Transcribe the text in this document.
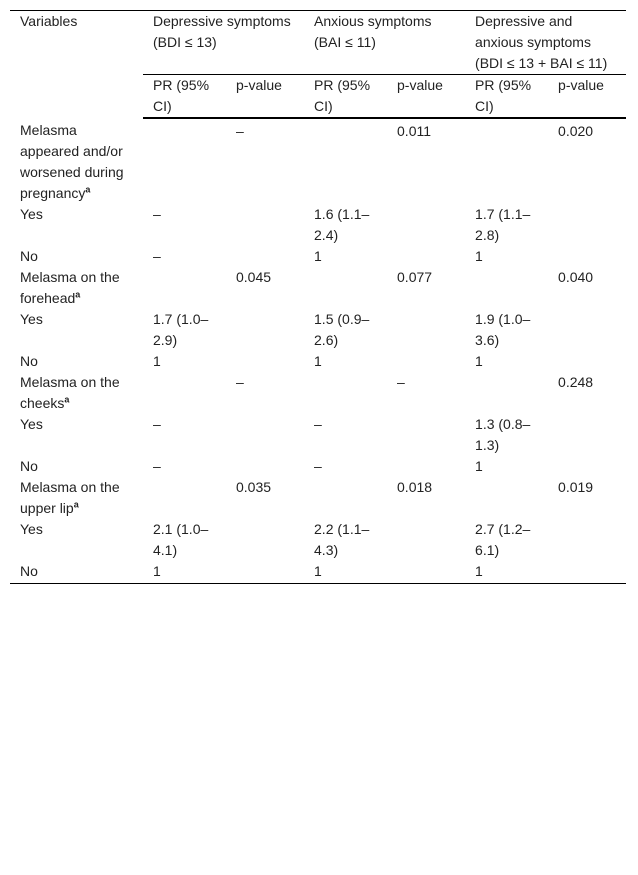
Variables	Depressive symptoms (BDI ≤ 13)		Anxious symptoms (BAI ≤ 11)		Depressive and anxious symptoms (BDI ≤ 13 + BAI ≤ 11)	
	PR (95% CI)	p-value	PR (95% CI)	p-value	PR (95% CI)	p-value
Melasma appeared and/or worsened during pregnancy$^a$		–		0.011		0.020
Yes	–		1.6 (1.1–2.4)		1.7 (1.1–2.8)	
No	–		1		1	
Melasma on the forehead$^a$		0.045		0.077		0.040
Yes	1.7 (1.0–2.9)		1.5 (0.9–2.6)		1.9 (1.0–3.6)	
No	1		1		1	
Melasma on the cheeks$^a$		–		–		0.248
Yes	–		–		1.3 (0.8–1.3)	
No	–		–		1	
Melasma on the upper lip$^a$		0.035		0.018		0.019
Yes	2.1 (1.0–4.1)		2.2 (1.1–4.3)		2.7 (1.2–6.1)	
No	1		1		1	
